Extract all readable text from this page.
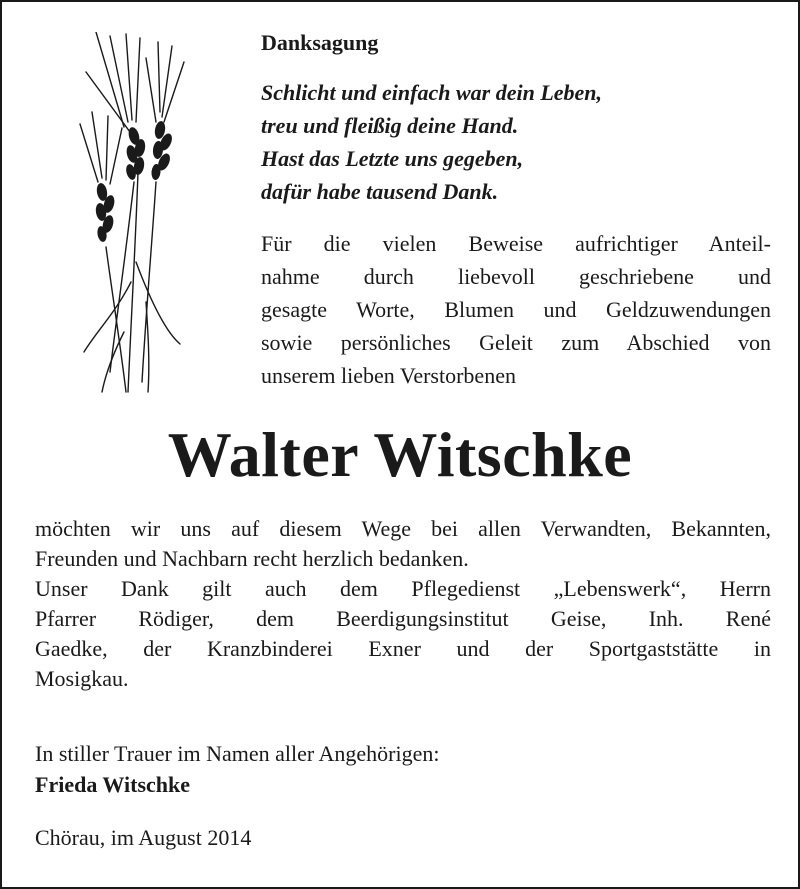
Danksagung
Schlicht und einfach war dein Leben,
treu und fleißig deine Hand.
Hast das Letzte uns gegeben,
dafür habe tausend Dank.
Für die vielen Beweise aufrichtiger Anteil-
nahme durch liebevoll geschriebene und
gesagte Worte, Blumen und Geldzuwendungen
sowie persönliches Geleit zum Abschied von
unserem lieben Verstorbenen
Walter Witschke
möchten wir uns auf diesem Wege bei allen Verwandten, Bekannten,
Freunden und Nachbarn recht herzlich bedanken.
Unser Dank gilt auch dem Pflegedienst „Lebenswerk“, Herrn
Pfarrer Rödiger, dem Beerdigungsinstitut Geise, Inh. René
Gaedke, der Kranzbinderei Exner und der Sportgaststätte in
Mosigkau.

In stiller Trauer im Namen aller Angehörigen:

Frieda Witschke

Chörau, im August 2014
